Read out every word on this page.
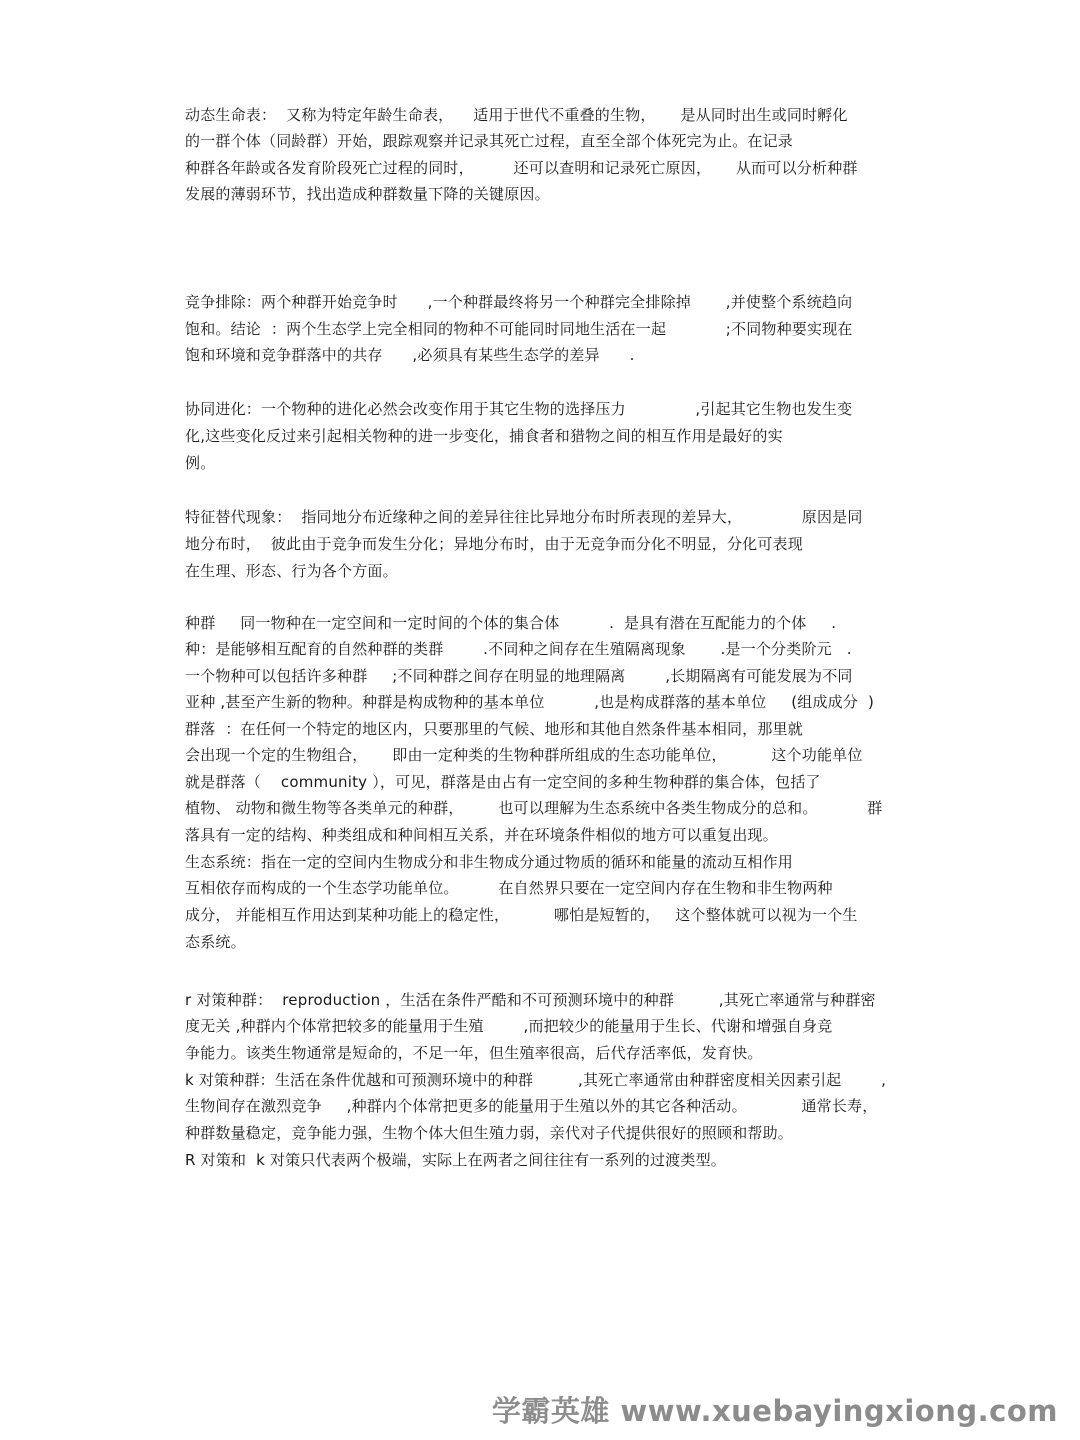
动态生命表：  又称为特定年龄生命表，    适用于世代不重叠的生物，     是从同时出生或同时孵化

的一群个体（同龄群）开始，跟踪观察并记录其死亡过程，直至全部个体死完为止。在记录

种群各年龄或各发育阶段死亡过程的同时，        还可以查明和记录死亡原因，     从而可以分析种群

发展的薄弱环节，找出造成种群数量下降的关键原因。

竞争排除：两个种群开始竞争时      ,一个种群最终将另一个种群完全排除掉       ,并使整个系统趋向

饱和。结论  ：两个生态学上完全相同的物种不可能同时同地生活在一起            ;不同物种要实现在

饱和环境和竞争群落中的共存      ,必须具有某些生态学的差异      .

协同进化：一个物种的进化必然会改变作用于其它生物的选择压力              ,引起其它生物也发生变

化,这些变化反过来引起相关物种的进一步变化，捕食者和猎物之间的相互作用是最好的实

例。

特征替代现象：  指同地分布近缘种之间的差异往往比异地分布时所表现的差异大，            原因是同

地分布时，  彼此由于竞争而发生分化；异地分布时，由于无竞争而分化不明显，分化可表现

在生理、形态、行为各个方面。

种群     同一物种在一定空间和一定时间的个体的集合体          .  是具有潜在互配能力的个体     .

种：是能够相互配育的自然种群的类群        .不同种之间存在生殖隔离现象       .是一个分类阶元   .

一个物种可以包括许多种群     ;不同种群之间存在明显的地理隔离        ,长期隔离有可能发展为不同

亚种 ,甚至产生新的物种。种群是构成物种的基本单位          ,也是构成群落的基本单位     (组成成分  )

群落  ：在任何一个特定的地区内，只要那里的气候、地形和其他自然条件基本相同，那里就

会出现一个定的生物组合，     即由一定种类的生物种群所组成的生态功能单位，         这个功能单位

就是群落（    community ），可见，群落是由占有一定空间的多种生物种群的集合体，包括了

植物、 动物和微生物等各类单元的种群，       也可以理解为生态系统中各类生物成分的总和。          群

落具有一定的结构、种类组成和种间相互关系，并在环境条件相似的地方可以重复出现。

生态系统：指在一定的空间内生物成分和非生物成分通过物质的循环和能量的流动互相作用

互相依存而构成的一个生态学功能单位。        在自然界只要在一定空间内存在生物和非生物两种

成分， 并能相互作用达到某种功能上的稳定性，         哪怕是短暂的，   这个整体就可以视为一个生

态系统。

r 对策种群：  reproduction ，生活在条件严酷和不可预测环境中的种群         ,其死亡率通常与种群密

度无关 ,种群内个体常把较多的能量用于生殖        ,而把较少的能量用于生长、代谢和增强自身竞

争能力。该类生物通常是短命的，不足一年，但生殖率很高，后代存活率低，发育快。

k 对策种群：生活在条件优越和可预测环境中的种群         ,其死亡率通常由种群密度相关因素引起        ,

生物间存在激烈竞争     ,种群内个体常把更多的能量用于生殖以外的其它各种活动。           通常长寿，

种群数量稳定，竞争能力强，生物个体大但生殖力弱，亲代对子代提供很好的照顾和帮助。

R 对策和  k 对策只代表两个极端，实际上在两者之间往往有一系列的过渡类型。

学霸英雄 www.xuebayingxiong.com
